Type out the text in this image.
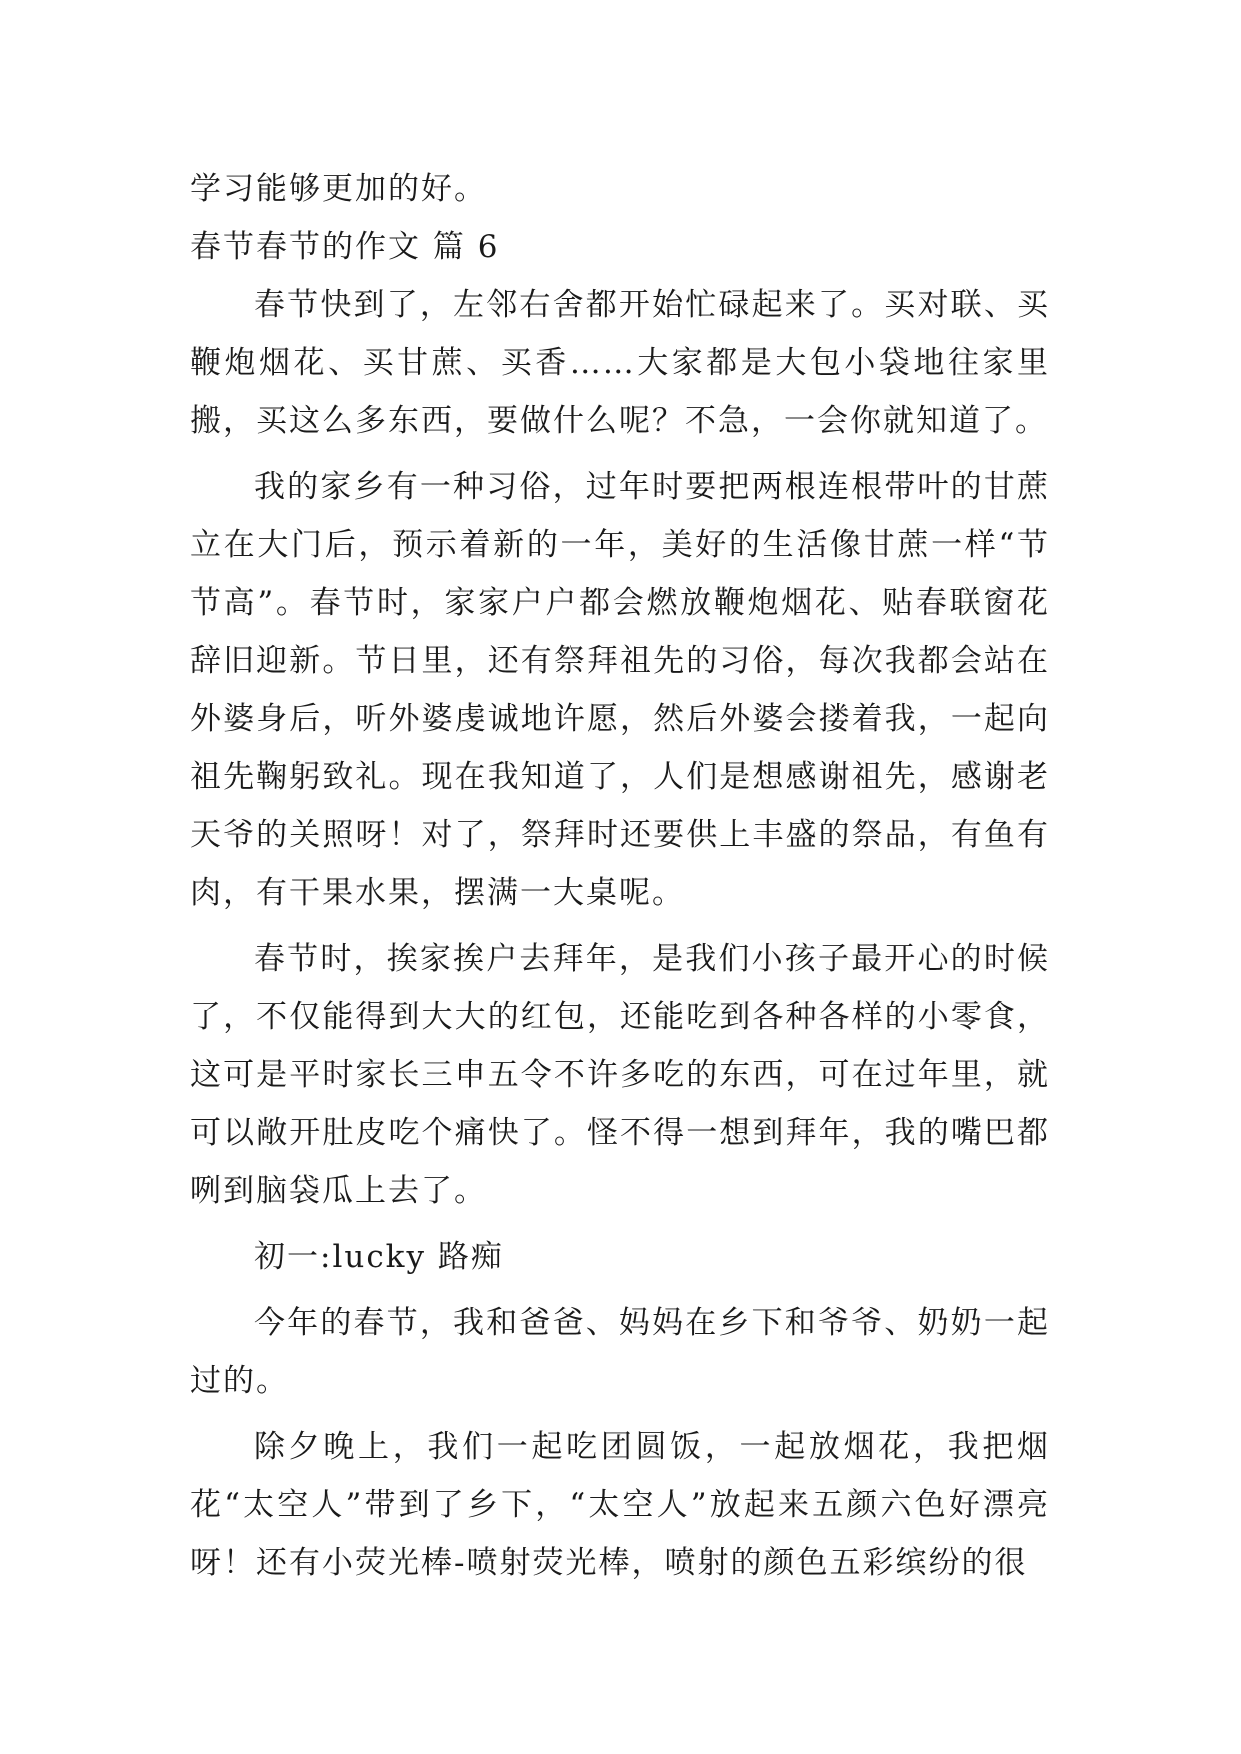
学习能够更加的好。

春节春节的作文 篇 6

春节快到了，左邻右舍都开始忙碌起来了。买对联、买鞭炮烟花、买甘蔗、买香……大家都是大包小袋地往家里搬，买这么多东西，要做什么呢？不急，一会你就知道了。

我的家乡有一种习俗，过年时要把两根连根带叶的甘蔗立在大门后，预示着新的一年，美好的生活像甘蔗一样“节节高”。春节时，家家户户都会燃放鞭炮烟花、贴春联窗花辞旧迎新。节日里，还有祭拜祖先的习俗，每次我都会站在外婆身后，听外婆虔诚地许愿，然后外婆会搂着我，一起向祖先鞠躬致礼。现在我知道了，人们是想感谢祖先，感谢老天爷的关照呀！对了，祭拜时还要供上丰盛的祭品，有鱼有肉，有干果水果，摆满一大桌呢。

春节时，挨家挨户去拜年，是我们小孩子最开心的时候了，不仅能得到大大的红包，还能吃到各种各样的小零食，这可是平时家长三申五令不许多吃的东西，可在过年里，就可以敞开肚皮吃个痛快了。怪不得一想到拜年，我的嘴巴都咧到脑袋瓜上去了。

初一:lucky 路痴

今年的春节，我和爸爸、妈妈在乡下和爷爷、奶奶一起过的。

除夕晚上，我们一起吃团圆饭，一起放烟花，我把烟花“太空人”带到了乡下，“太空人”放起来五颜六色好漂亮呀！还有小荧光棒-喷射荧光棒，喷射的颜色五彩缤纷的很
